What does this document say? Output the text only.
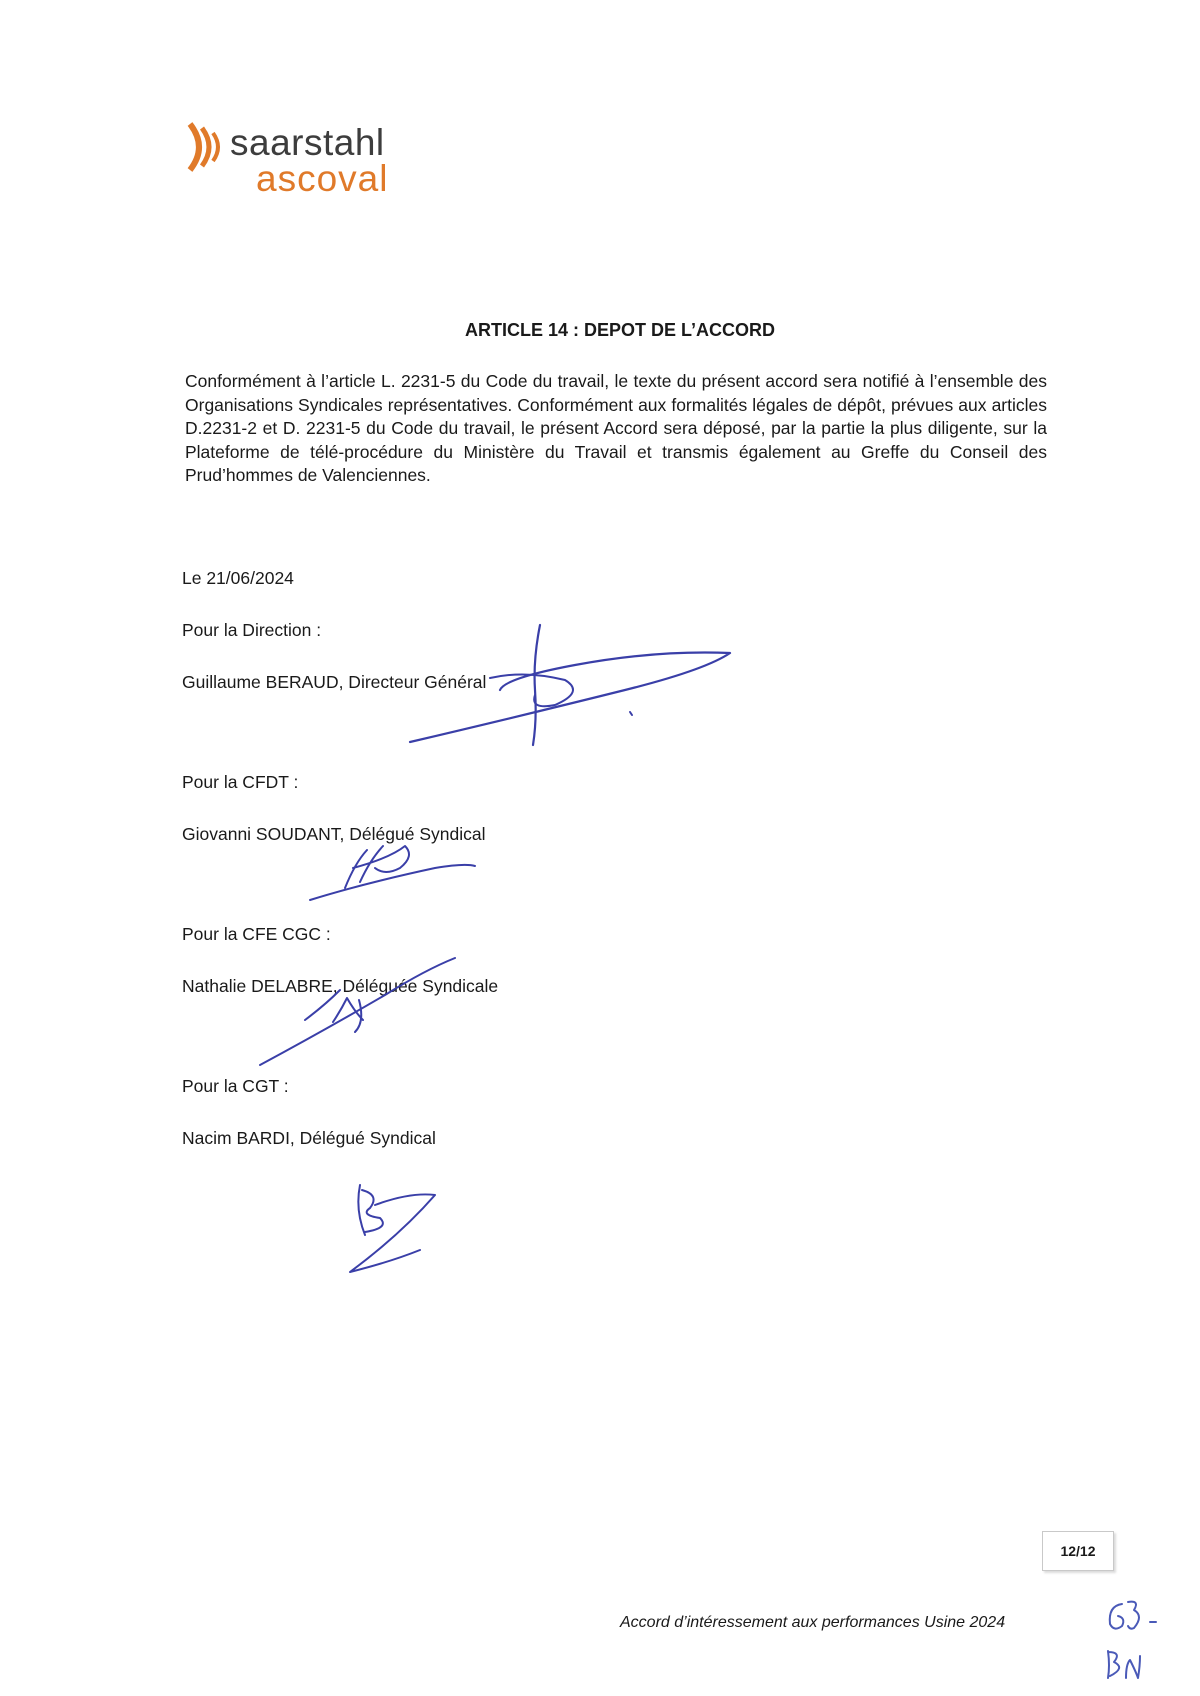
saarstahl
ascoval
ARTICLE 14 : DEPOT DE L’ACCORD
Conformément à l’article L. 2231-5 du Code du travail, le texte du présent accord sera notifié à l’ensemble des Organisations Syndicales représentatives. Conformément aux formalités légales de dépôt, prévues aux articles D.2231-2 et D. 2231-5 du Code du travail, le présent Accord sera déposé, par la partie la plus diligente, sur la Plateforme de télé-procédure du Ministère du Travail et transmis également au Greffe du Conseil des Prud’hommes de Valenciennes.
Le 21/06/2024
Pour la Direction :
Guillaume BERAUD, Directeur Général
Pour la CFDT :
Giovanni SOUDANT, Délégué Syndical
Pour la CFE CGC :
Nathalie DELABRE, Déléguée Syndicale
Pour la CGT :
Nacim BARDI, Délégué Syndical
12/12
Accord d’intéressement aux performances Usine 2024
